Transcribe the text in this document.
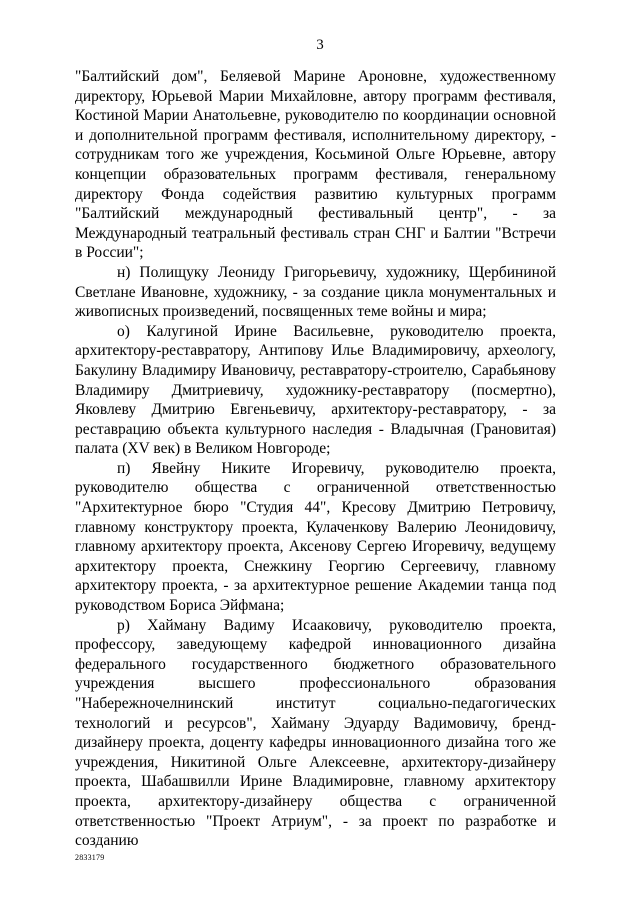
3

"Балтийский дом", Беляевой Марине Ароновне, художественному директору, Юрьевой Марии Михайловне, автору программ фестиваля, Костиной Марии Анатольевне, руководителю по координации основной и дополнительной программ фестиваля, исполнительному директору, - сотрудникам того же учреждения, Косьминой Ольге Юрьевне, автору концепции образовательных программ фестиваля, генеральному директору Фонда содействия развитию культурных программ "Балтийский международный фестивальный центр", - за Международный театральный фестиваль стран СНГ и Балтии "Встречи в России";

н) Полищуку Леониду Григорьевичу, художнику, Щербининой Светлане Ивановне, художнику, - за создание цикла монументальных и живописных произведений, посвященных теме войны и мира;

о) Калугиной Ирине Васильевне, руководителю проекта, архитектору-реставратору, Антипову Илье Владимировичу, археологу, Бакулину Владимиру Ивановичу, реставратору-строителю, Сарабьянову Владимиру Дмитриевичу, художнику-реставратору (посмертно), Яковлеву Дмитрию Евгеньевичу, архитектору-реставратору, - за реставрацию объекта культурного наследия - Владычная (Грановитая) палата (XV век) в Великом Новгороде;

п) Явейну Никите Игоревичу, руководителю проекта, руководителю общества с ограниченной ответственностью "Архитектурное бюро "Студия 44", Кресову Дмитрию Петровичу, главному конструктору проекта, Кулаченкову Валерию Леонидовичу, главному архитектору проекта, Аксенову Сергею Игоревичу, ведущему архитектору проекта, Снежкину Георгию Сергеевичу, главному архитектору проекта, - за архитектурное решение Академии танца под руководством Бориса Эйфмана;

р) Хайману Вадиму Исааковичу, руководителю проекта, профессору, заведующему кафедрой инновационного дизайна федерального государственного бюджетного образовательного учреждения высшего профессионального образования "Набережночелнинский институт социально-педагогических технологий и ресурсов", Хайману Эдуарду Вадимовичу, бренд-дизайнеру проекта, доценту кафедры инновационного дизайна того же учреждения, Никитиной Ольге Алексеевне, архитектору-дизайнеру проекта, Шабашвилли Ирине Владимировне, главному архитектору проекта, архитектору-дизайнеру общества с ограниченной ответственностью "Проект Атриум", - за проект по разработке и созданию

2833179
